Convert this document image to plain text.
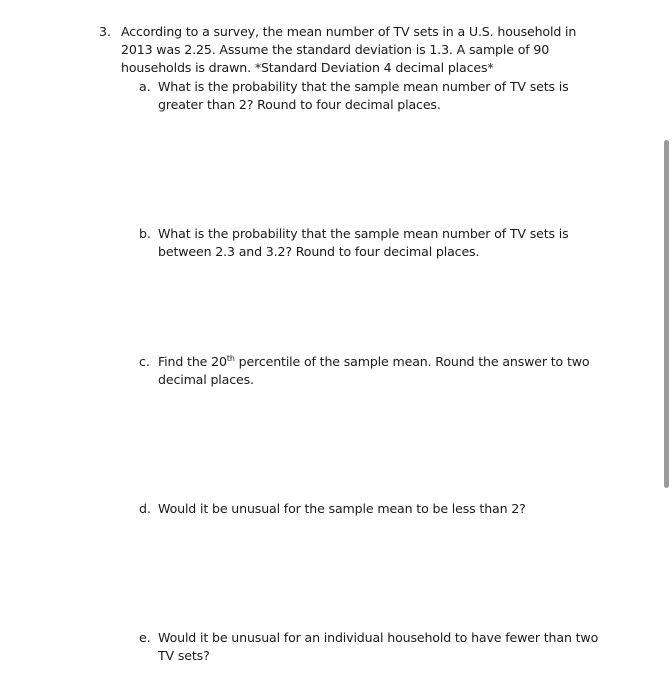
3. According to a survey, the mean number of TV sets in a U.S. household in
2013 was 2.25. Assume the standard deviation is 1.3. A sample of 90
households is drawn. *Standard Deviation 4 decimal places*
a. What is the probability that the sample mean number of TV sets is
greater than 2? Round to four decimal places.
b. What is the probability that the sample mean number of TV sets is
between 2.3 and 3.2? Round to four decimal places.
c. Find the 20th percentile of the sample mean. Round the answer to two
decimal places.
d. Would it be unusual for the sample mean to be less than 2?
e. Would it be unusual for an individual household to have fewer than two
TV sets?
